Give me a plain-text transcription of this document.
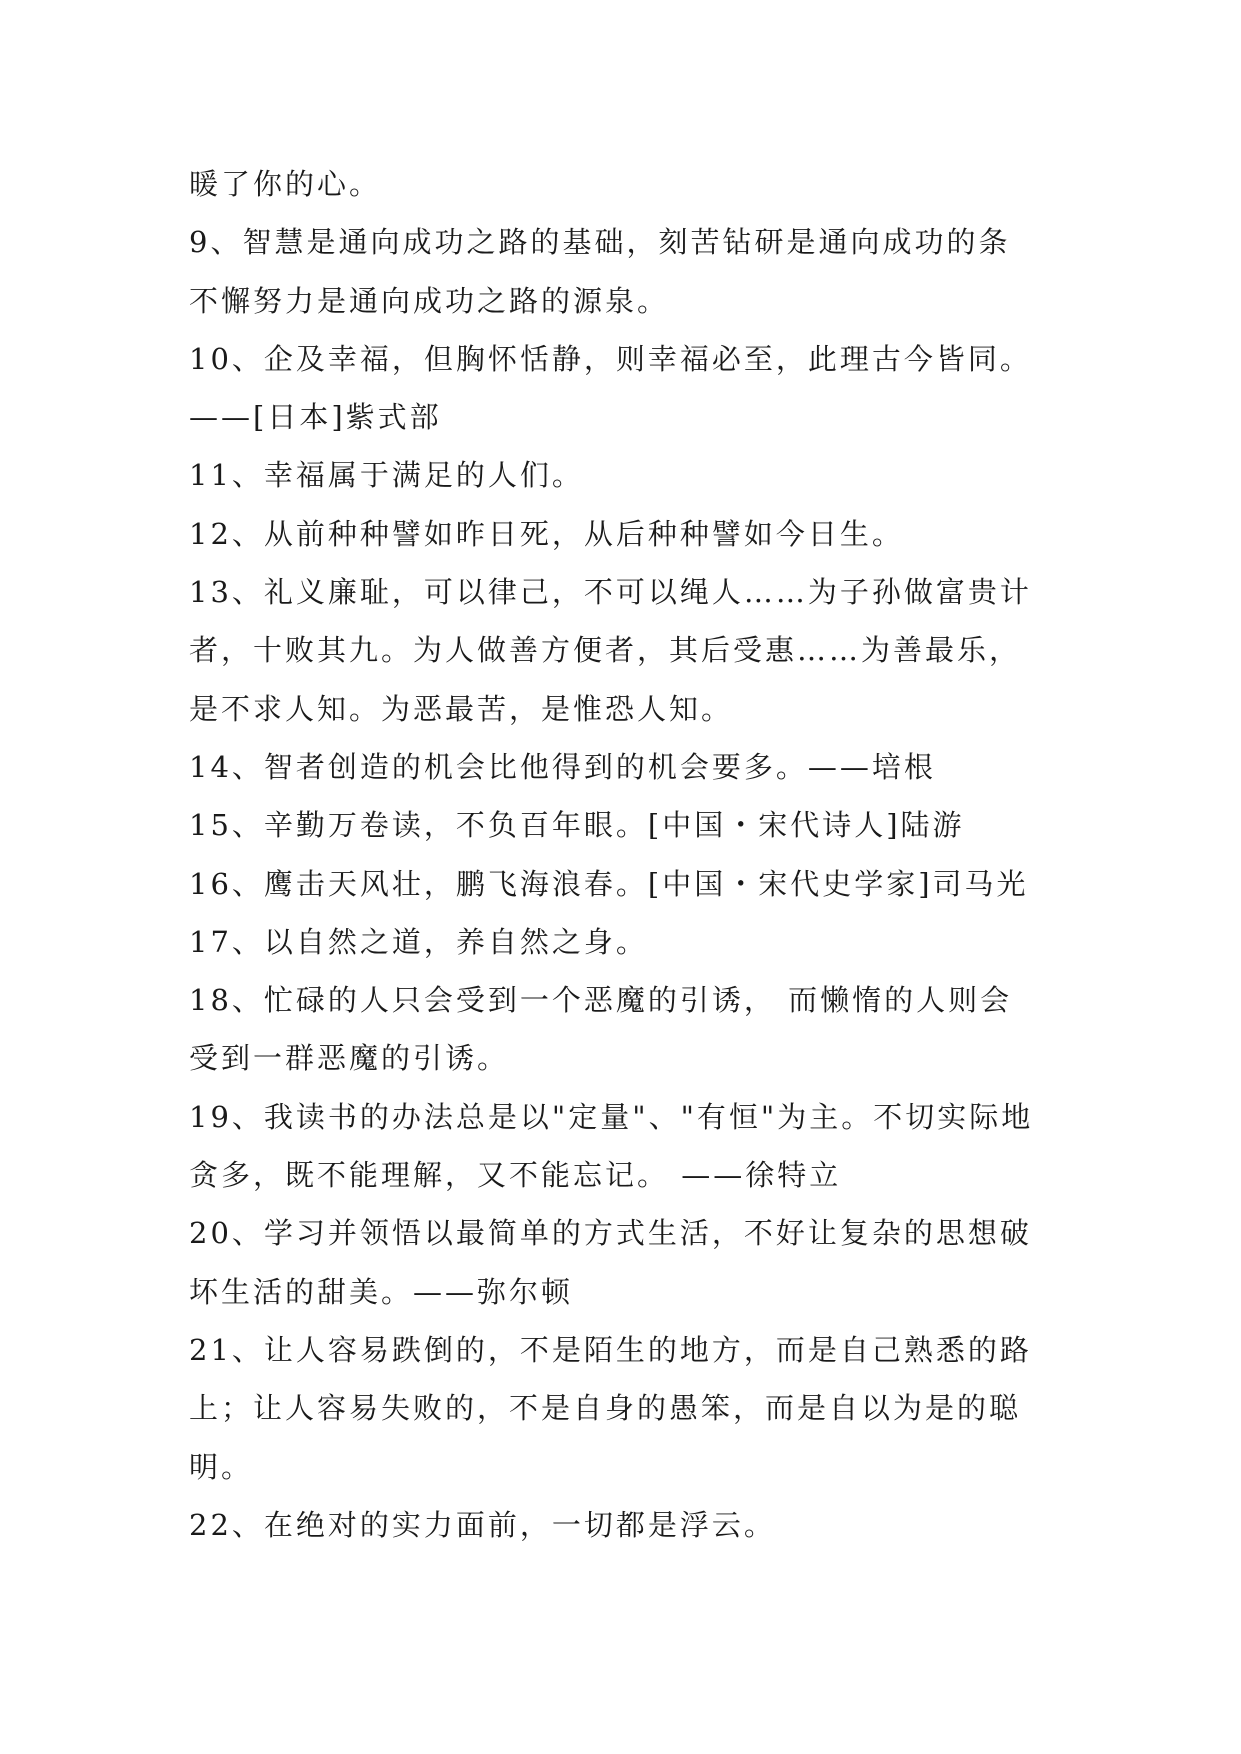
暖了你的心。

9、智慧是通向成功之路的基础，刻苦钻研是通向成功的条

不懈努力是通向成功之路的源泉。

10、企及幸福，但胸怀恬静，则幸福必至，此理古今皆同。

——[日本]紫式部

11、幸福属于满足的人们。

12、从前种种譬如昨日死，从后种种譬如今日生。

13、礼义廉耻，可以律己，不可以绳人……为子孙做富贵计

者，十败其九。为人做善方便者，其后受惠……为善最乐，

是不求人知。为恶最苦，是惟恐人知。

14、智者创造的机会比他得到的机会要多。——培根

15、辛勤万卷读，不负百年眼。[中国・宋代诗人]陆游

16、鹰击天风壮，鹏飞海浪春。[中国・宋代史学家]司马光

17、以自然之道，养自然之身。

18、忙碌的人只会受到一个恶魔的引诱， 而懒惰的人则会

受到一群恶魔的引诱。

19、我读书的办法总是以"定量"、"有恒"为主。不切实际地

贪多，既不能理解，又不能忘记。 ——徐特立

20、学习并领悟以最简单的方式生活，不好让复杂的思想破

坏生活的甜美。——弥尔顿

21、让人容易跌倒的，不是陌生的地方，而是自己熟悉的路

上；让人容易失败的，不是自身的愚笨，而是自以为是的聪

明。

22、在绝对的实力面前，一切都是浮云。
